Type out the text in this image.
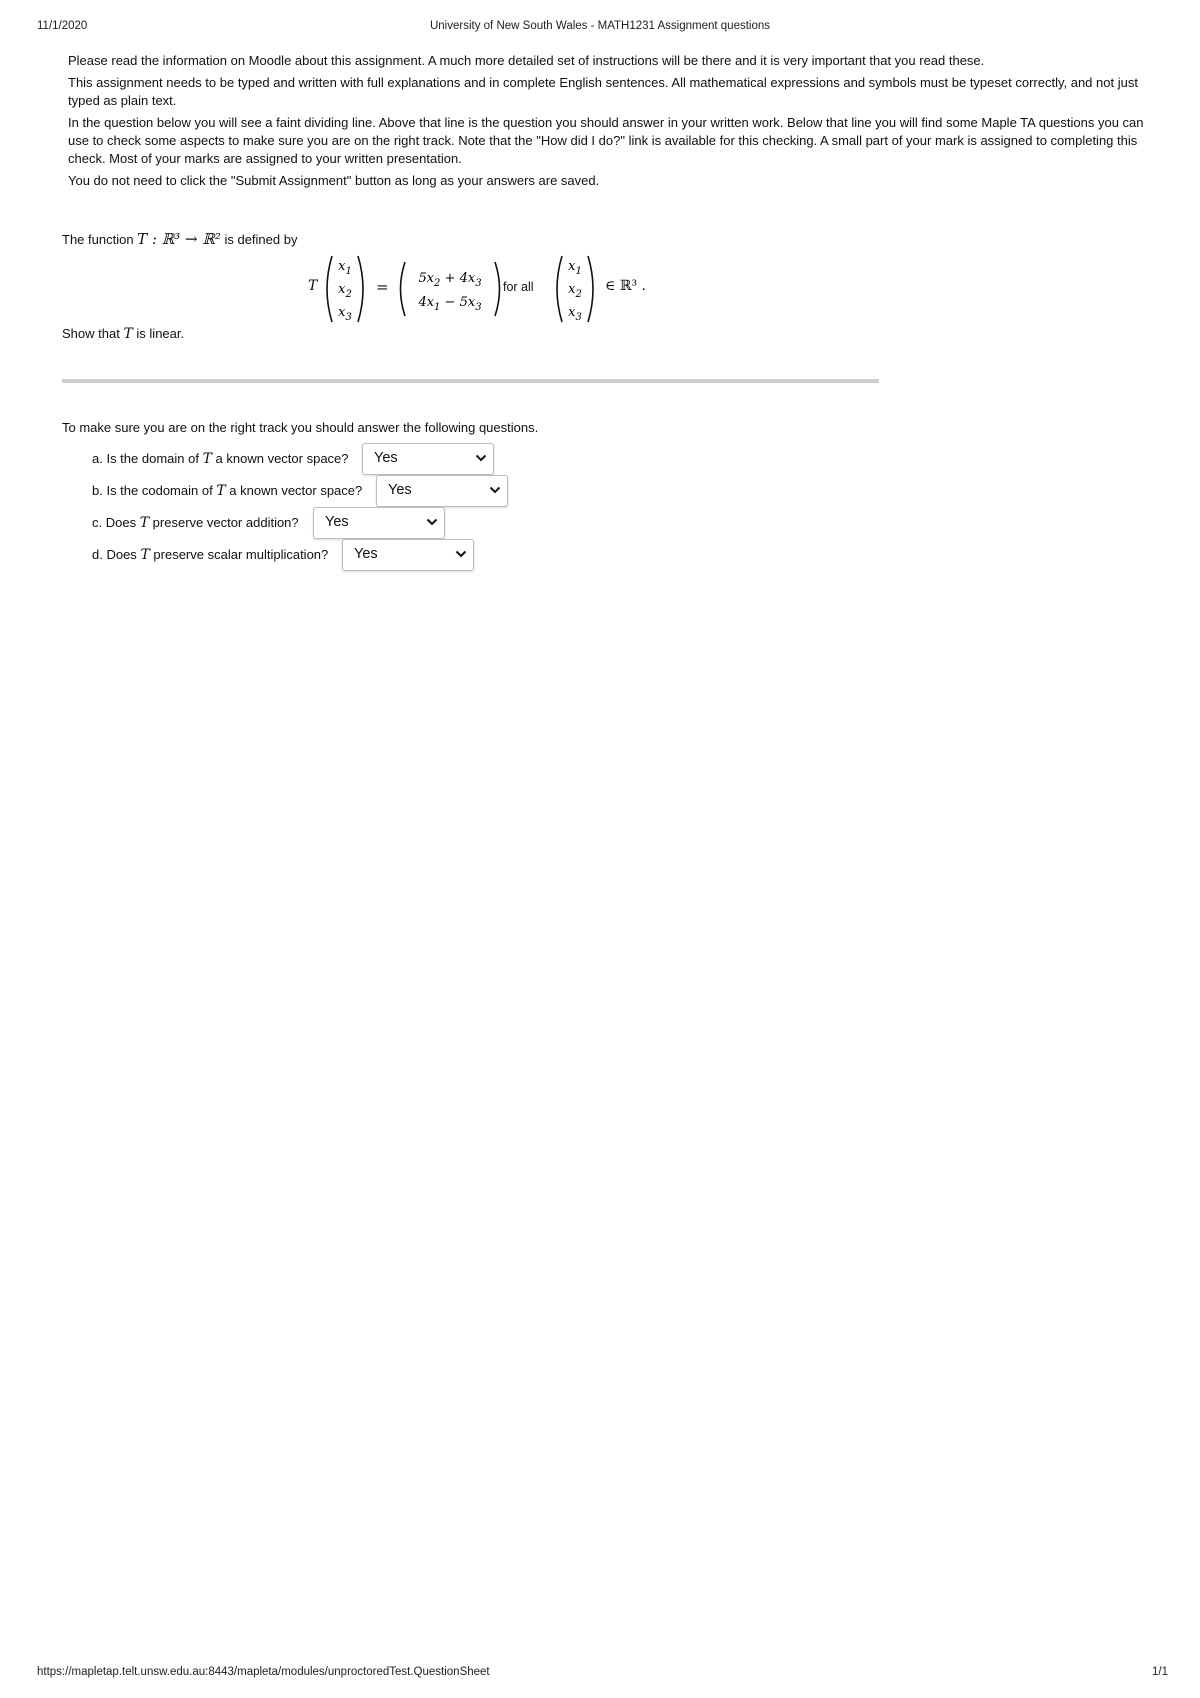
11/1/2020	University of New South Wales - MATH1231 Assignment questions

Please read the information on Moodle about this assignment. A much more detailed set of instructions will be there and it is very important that you read these.

This assignment needs to be typed and written with full explanations and in complete English sentences. All mathematical expressions and symbols must be typeset correctly, and not just typed as plain text.

In the question below you will see a faint dividing line. Above that line is the question you should answer in your written work. Below that line you will find some Maple TA questions you can use to check some aspects to make sure you are on the right track. Note that the "How did I do?" link is available for this checking. A small part of your mark is assigned to completing this check. Most of your marks are assigned to your written presentation.

You do not need to click the "Submit Assignment" button as long as your answers are saved.

The function T : ℝ³ → ℝ² is defined by
T
$x_1$
$x_2$
$x_3$
= $5x_2 + 4x_3$
$4x_1 - 5x_3$
for all
$x_1$
$x_2$
$x_3$
∈ ℝ³ .
Show that T is linear.
To make sure you are on the right track you should answer the following questions.
a. Is the domain of T a known vector space? Yes
b. Is the codomain of T a known vector space? Yes
c. Does T preserve vector addition? Yes
d. Does T preserve scalar multiplication? Yes
https://mapletap.telt.unsw.edu.au:8443/mapleta/modules/unproctoredTest.QuestionSheet	1/1
